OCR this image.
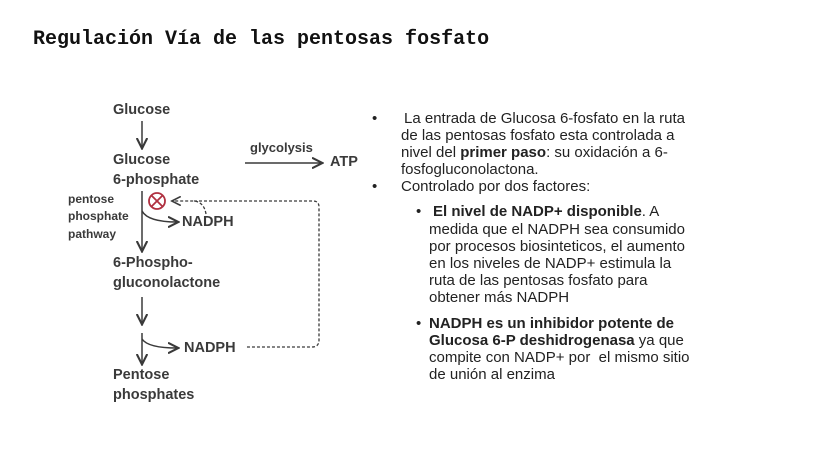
Regulación Vía de las pentosas fosfato
Glucose
Glucose
6-phosphate
glycolysis
ATP
pentose
phosphate
pathway
NADPH
6-Phospho-
gluconolactone
NADPH
Pentose
phosphates
• La entrada de Glucosa 6-fosfato en la ruta
de las pentosas fosfato esta controlada a
nivel del primer paso: su oxidación a 6-
fosfogluconolactona.
• Controlado por dos factores:
• El nivel de NADP+ disponible. A
medida que el NADPH sea consumido
por procesos biosinteticos, el aumento
en los niveles de NADP+ estimula la
ruta de las pentosas fosfato para
obtener más NADPH
• NADPH es un inhibidor potente de
Glucosa 6-P deshidrogenasa ya que
compite con NADP+ por  el mismo sitio
de unión al enzima
